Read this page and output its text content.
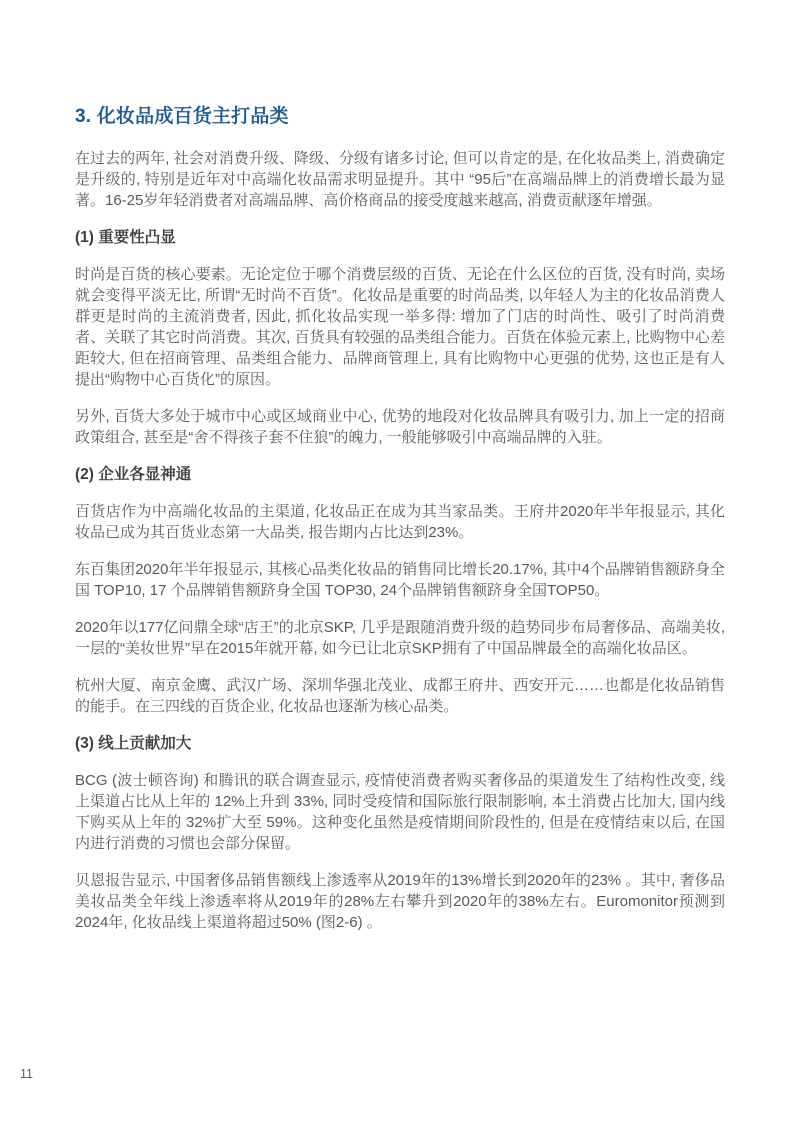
3. 化妆品成百货主打品类

在过去的两年, 社会对消费升级、降级、分级有诸多讨论, 但可以肯定的是, 在化妆品类上, 消费确定是升级的, 特别是近年对中高端化妆品需求明显提升。其中 “95后”在高端品牌上的消费增长最为显著。16-25岁年轻消费者对高端品牌、高价格商品的接受度越来越高, 消费贡献逐年增强。

(1) 重要性凸显

时尚是百货的核心要素。无论定位于哪个消费层级的百货、无论在什么区位的百货, 没有时尚, 卖场就会变得平淡无比, 所谓“无时尚不百货”。化妆品是重要的时尚品类, 以年轻人为主的化妆品消费人群更是时尚的主流消费者, 因此, 抓化妆品实现一举多得: 增加了门店的时尚性、吸引了时尚消费者、关联了其它时尚消费。其次, 百货具有较强的品类组合能力。百货在体验元素上, 比购物中心差距较大, 但在招商管理、品类组合能力、品牌商管理上, 具有比购物中心更强的优势, 这也正是有人提出“购物中心百货化”的原因。

另外, 百货大多处于城市中心或区域商业中心, 优势的地段对化妆品牌具有吸引力, 加上一定的招商政策组合, 甚至是“舍不得孩子套不住狼”的魄力, 一般能够吸引中高端品牌的入驻。

(2) 企业各显神通

百货店作为中高端化妆品的主渠道, 化妆品正在成为其当家品类。王府井2020年半年报显示, 其化妆品已成为其百货业态第一大品类, 报告期内占比达到23%。

东百集团2020年半年报显示, 其核心品类化妆品的销售同比增长20.17%, 其中4个品牌销售额跻身全国 TOP10, 17 个品牌销售额跻身全国 TOP30, 24个品牌销售额跻身全国TOP50。

2020年以177亿问鼎全球“店王”的北京SKP, 几乎是跟随消费升级的趋势同步布局奢侈品、高端美妆, 一层的“美妆世界”早在2015年就开幕, 如今已让北京SKP拥有了中国品牌最全的高端化妆品区。

杭州大厦、南京金鹰、武汉广场、深圳华强北茂业、成都王府井、西安开元……也都是化妆品销售的能手。在三四线的百货企业, 化妆品也逐渐为核心品类。

(3) 线上贡献加大

BCG (波士顿咨询) 和腾讯的联合调查显示, 疫情使消费者购买奢侈品的渠道发生了结构性改变, 线上渠道占比从上年的 12%上升到 33%, 同时受疫情和国际旅行限制影响, 本土消费占比加大, 国内线下购买从上年的 32%扩大至 59%。这种变化虽然是疫情期间阶段性的, 但是在疫情结束以后, 在国内进行消费的习惯也会部分保留。

贝恩报告显示, 中国奢侈品销售额线上渗透率从2019年的13%增长到2020年的23% 。其中, 奢侈品美妆品类全年线上渗透率将从2019年的28%左右攀升到2020年的38%左右。Euromonitor预测到2024年, 化妆品线上渠道将超过50% (图2-6) 。

11
